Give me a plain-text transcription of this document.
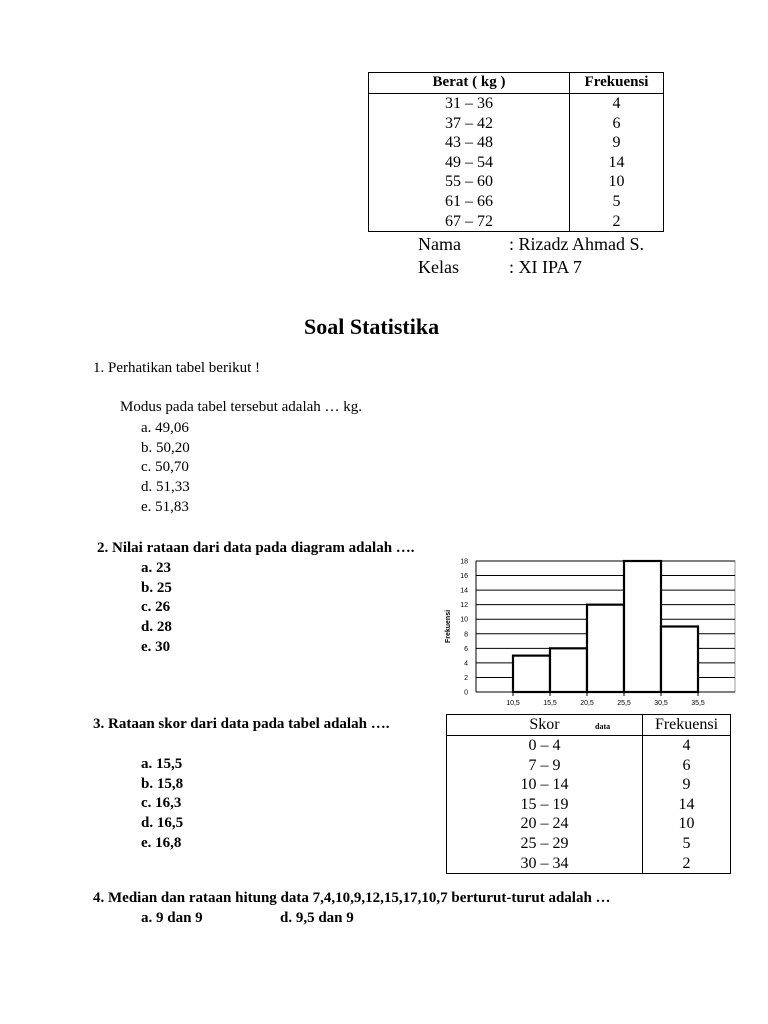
Berat ( kg )	Frekuensi
31 – 36	4
37 – 42	6
43 – 48	9
49 – 54	14
55 – 60	10
61 – 66	5
67 – 72	2
Nama	: Rizadz Ahmad S.
Kelas	: XI IPA 7
Soal Statistika
1. Perhatikan tabel berikut !
Modus pada tabel tersebut adalah … kg.
a. 49,06
b. 50,20
c. 50,70
d. 51,33
e. 51,83
2. Nilai rataan dari data pada diagram adalah ….
a. 23
b. 25
c. 26
d. 28
e. 30
0
2
4
6
8
10
12
14
16
18
10,5	15,5	20,5	25,5	30,5	35,5
Frekuensi
3. Rataan skor dari data pada tabel adalah ….
a. 15,5
b. 15,8
c. 16,3
d. 16,5
e. 16,8
Skor data	Frekuensi
0 – 4	4
7 – 9	6
10 – 14	9
15 – 19	14
20 – 24	10
25 – 29	5
30 – 34	2
4. Median dan rataan hitung data 7,4,10,9,12,15,17,10,7 berturut-turut adalah …
a. 9 dan 9	d. 9,5 dan 9
